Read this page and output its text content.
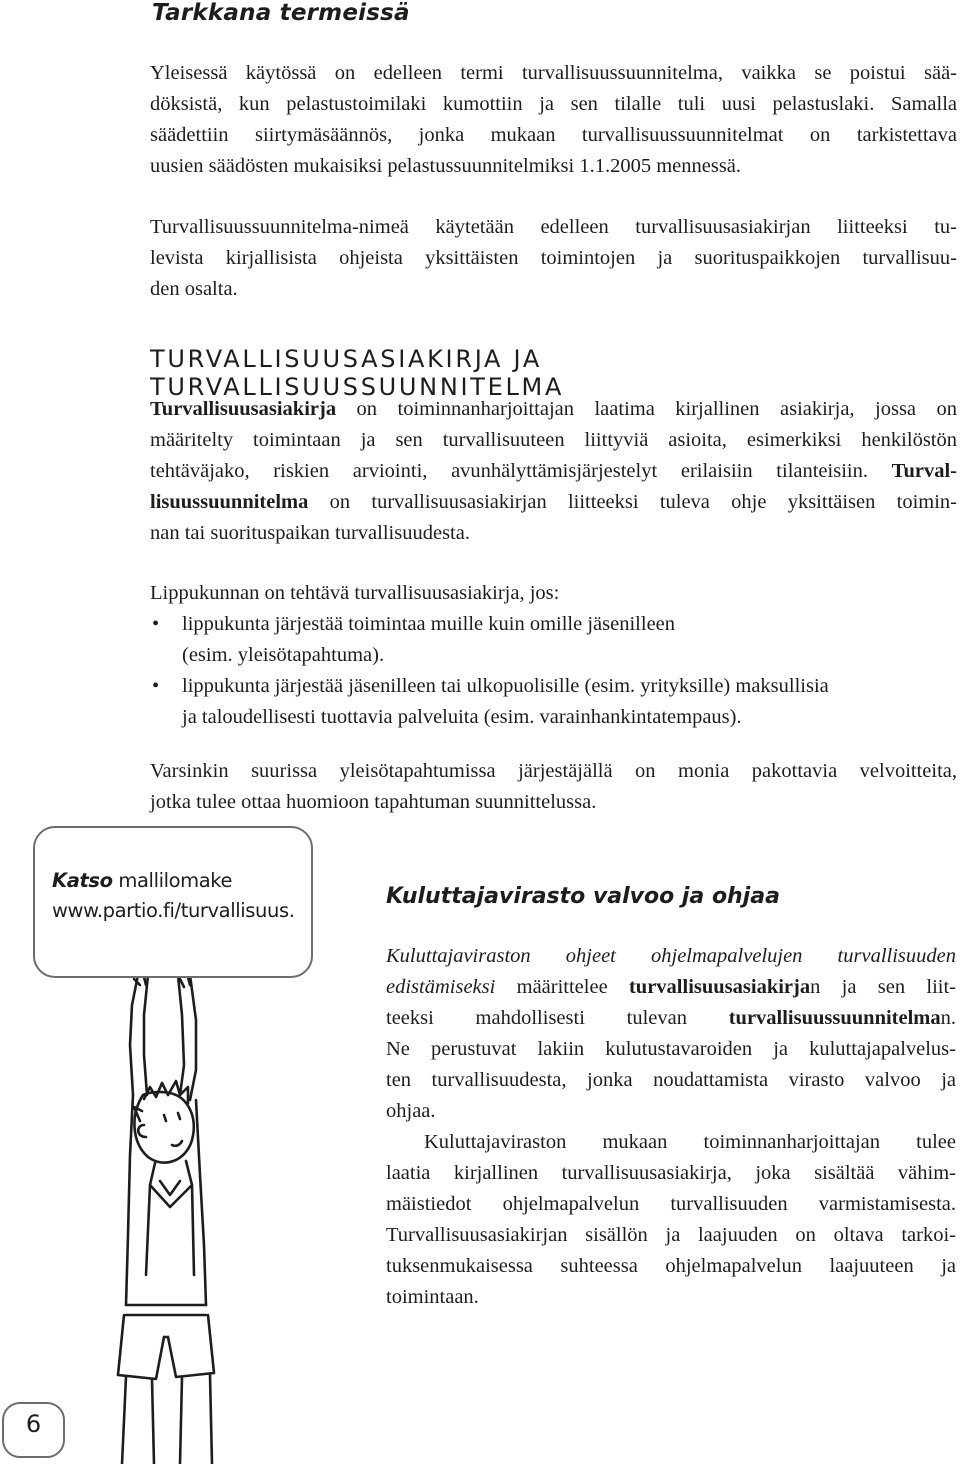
Tarkkana termeissä
Yleisessä käytössä on edelleen termi turvallisuussuunnitelma, vaikka se poistui sää-
döksistä, kun pelastustoimilaki kumottiin ja sen tilalle tuli uusi pelastuslaki. Samalla
säädettiin siirtymäsäännös, jonka mukaan turvallisuussuunnitelmat on tarkistettava
uusien säädösten mukaisiksi pelastussuunnitelmiksi 1.1.2005 mennessä.
Turvallisuussuunnitelma-nimeä käytetään edelleen turvallisuusasiakirjan liitteeksi tu-
levista kirjallisista ohjeista yksittäisten toimintojen ja suorituspaikkojen turvallisuu-
den osalta.
TURVALLISUUSASIAKIRJA JA TURVALLISUUSSUUNNITELMA
Turvallisuusasiakirja on toiminnanharjoittajan laatima kirjallinen asiakirja, jossa on
määritelty toimintaan ja sen turvallisuuteen liittyviä asioita, esimerkiksi henkilöstön
tehtäväjako, riskien arviointi, avunhälyttämisjärjestelyt erilaisiin tilanteisiin. Turval-
lisuussuunnitelma on turvallisuusasiakirjan liitteeksi tuleva ohje yksittäisen toimin-
nan tai suorituspaikan turvallisuudesta.
Lippukunnan on tehtävä turvallisuusasiakirja, jos:
• lippukunta järjestää toimintaa muille kuin omille jäsenilleen
(esim. yleisötapahtuma).
• lippukunta järjestää jäsenilleen tai ulkopuolisille (esim. yrityksille) maksullisia
ja taloudellisesti tuottavia palveluita (esim. varainhankintatempaus).
Varsinkin suurissa yleisötapahtumissa järjestäjällä on monia pakottavia velvoitteita,
jotka tulee ottaa huomioon tapahtuman suunnittelussa.
Katso mallilomake
www.partio.fi/turvallisuus.
Kuluttajavirasto valvoo ja ohjaa
Kuluttajaviraston ohjeet ohjelmapalvelujen turvallisuuden
edistämiseksi määrittelee turvallisuusasiakirjan ja sen liit-
teeksi mahdollisesti tulevan turvallisuussuunnitelman.
Ne perustuvat lakiin kulutustavaroiden ja kuluttajapalvelus-
ten turvallisuudesta, jonka noudattamista virasto valvoo ja
ohjaa.
Kuluttajaviraston mukaan toiminnanharjoittajan tulee
laatia kirjallinen turvallisuusasiakirja, joka sisältää vähim-
mäistiedot ohjelmapalvelun turvallisuuden varmistamisesta.
Turvallisuusasiakirjan sisällön ja laajuuden on oltava tarkoi-
tuksenmukaisessa suhteessa ohjelmapalvelun laajuuteen ja
toimintaan.
6
